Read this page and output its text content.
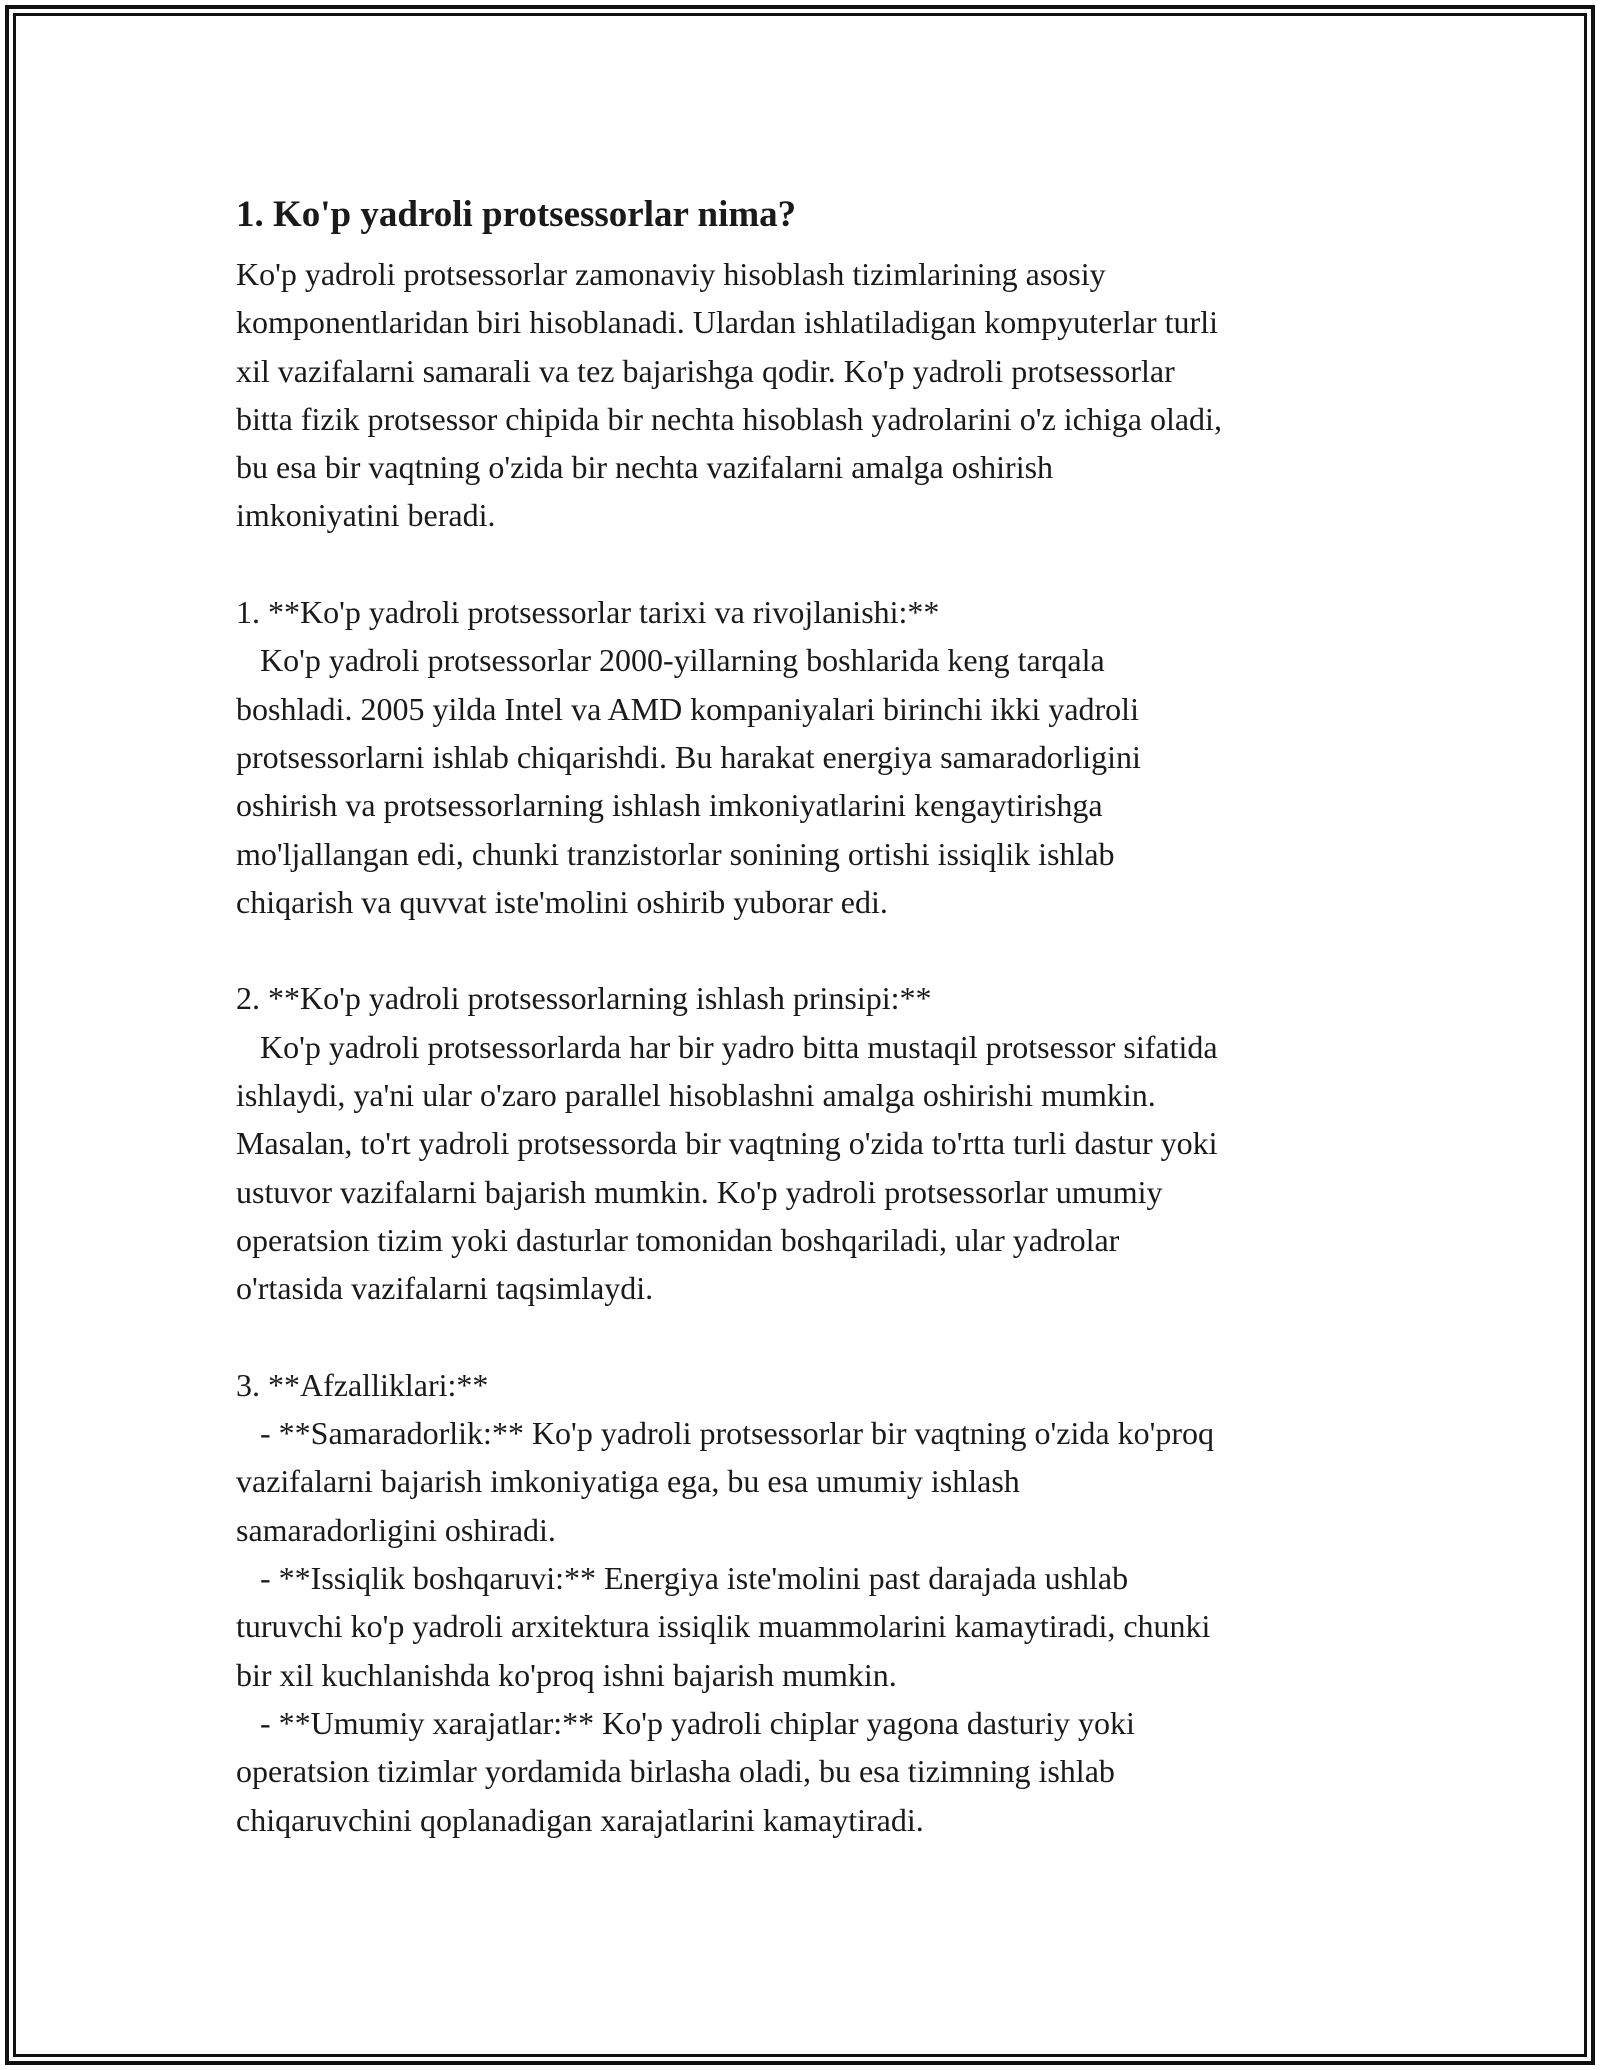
1. Ko'p yadroli protsessorlar nima?
Ko'p yadroli protsessorlar zamonaviy hisoblash tizimlarining asosiy
komponentlaridan biri hisoblanadi. Ulardan ishlatiladigan kompyuterlar turli
xil vazifalarni samarali va tez bajarishga qodir. Ko'p yadroli protsessorlar
bitta fizik protsessor chipida bir nechta hisoblash yadrolarini o'z ichiga oladi,
bu esa bir vaqtning o'zida bir nechta vazifalarni amalga oshirish
imkoniyatini beradi.
1. **Ko'p yadroli protsessorlar tarixi va rivojlanishi:**
Ko'p yadroli protsessorlar 2000-yillarning boshlarida keng tarqala
boshladi. 2005 yilda Intel va AMD kompaniyalari birinchi ikki yadroli
protsessorlarni ishlab chiqarishdi. Bu harakat energiya samaradorligini
oshirish va protsessorlarning ishlash imkoniyatlarini kengaytirishga
mo'ljallangan edi, chunki tranzistorlar sonining ortishi issiqlik ishlab
chiqarish va quvvat iste'molini oshirib yuborar edi.
2. **Ko'p yadroli protsessorlarning ishlash prinsipi:**
Ko'p yadroli protsessorlarda har bir yadro bitta mustaqil protsessor sifatida
ishlaydi, ya'ni ular o'zaro parallel hisoblashni amalga oshirishi mumkin.
Masalan, to'rt yadroli protsessorda bir vaqtning o'zida to'rtta turli dastur yoki
ustuvor vazifalarni bajarish mumkin. Ko'p yadroli protsessorlar umumiy
operatsion tizim yoki dasturlar tomonidan boshqariladi, ular yadrolar
o'rtasida vazifalarni taqsimlaydi.
3. **Afzalliklari:**
- **Samaradorlik:** Ko'p yadroli protsessorlar bir vaqtning o'zida ko'proq
vazifalarni bajarish imkoniyatiga ega, bu esa umumiy ishlash
samaradorligini oshiradi.
- **Issiqlik boshqaruvi:** Energiya iste'molini past darajada ushlab
turuvchi ko'p yadroli arxitektura issiqlik muammolarini kamaytiradi, chunki
bir xil kuchlanishda ko'proq ishni bajarish mumkin.
- **Umumiy xarajatlar:** Ko'p yadroli chiplar yagona dasturiy yoki
operatsion tizimlar yordamida birlasha oladi, bu esa tizimning ishlab
chiqaruvchini qoplanadigan xarajatlarini kamaytiradi.
